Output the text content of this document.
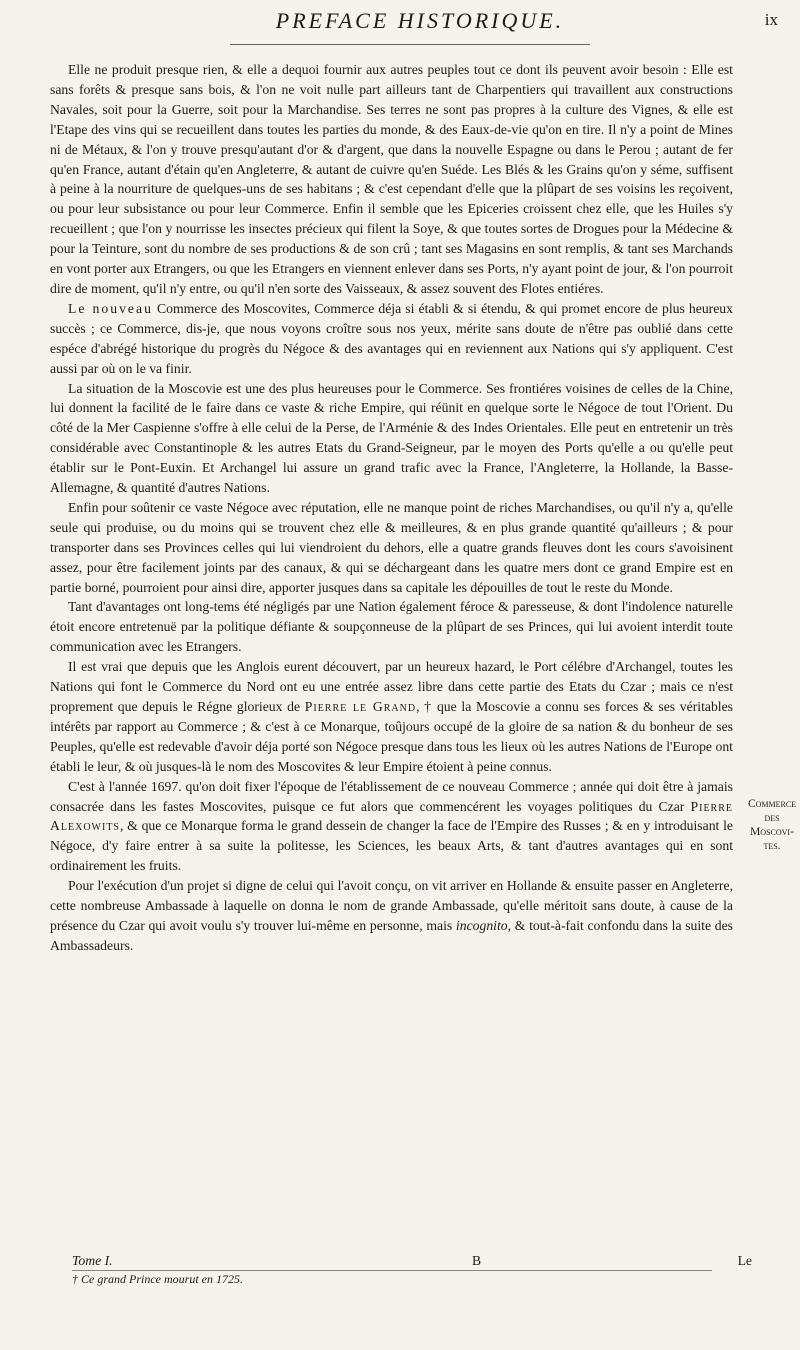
PREFACE HISTORIQUE.	ix

Elle ne produit presque rien, & elle a dequoi fournir aux autres peuples tout ce dont ils peuvent avoir besoin : Elle est sans forêts & presque sans bois, & l'on ne voit nulle part ailleurs tant de Charpentiers qui travaillent aux constructions Navales, soit pour la Guerre, soit pour la Marchandise. Ses terres ne sont pas propres à la culture des Vignes, & elle est l'Etape des vins qui se recueillent dans toutes les parties du monde, & des Eaux-de-vie qu'on en tire. Il n'y a point de Mines ni de Métaux, & l'on y trouve presqu'autant d'or & d'argent, que dans la nouvelle Espagne ou dans le Perou ; autant de fer qu'en France, autant d'étain qu'en Angleterre, & autant de cuivre qu'en Suéde. Les Blés & les Grains qu'on y séme, suffisent à peine à la nourriture de quelques-uns de ses habitans ; & c'est cependant d'elle que la plûpart de ses voisins les reçoivent, ou pour leur subsistance ou pour leur Commerce. Enfin il semble que les Epiceries croissent chez elle, que les Huiles s'y recueillent ; que l'on y nourrisse les insectes précieux qui filent la Soye, & que toutes sortes de Drogues pour la Médecine & pour la Teinture, sont du nombre de ses productions & de son crû ; tant ses Magasins en sont remplis, & tant ses Marchands en vont porter aux Etrangers, ou que les Etrangers en viennent enlever dans ses Ports, n'y ayant point de jour, & l'on pourroit dire de moment, qu'il n'y entre, ou qu'il n'en sorte des Vaisseaux, & assez souvent des Flotes entiéres.

Le nouveau Commerce des Moscovites, Commerce déja si établi & si étendu, & qui promet encore de plus heureux succès ; ce Commerce, dis-je, que nous voyons croître sous nos yeux, mérite sans doute de n'être pas oublié dans cette espéce d'abrégé historique du progrès du Négoce & des avantages qui en reviennent aux Nations qui s'y appliquent. C'est aussi par où on le va finir.

La situation de la Moscovie est une des plus heureuses pour le Commerce. Ses frontiéres voisines de celles de la Chine, lui donnent la facilité de le faire dans ce vaste & riche Empire, qui réünit en quelque sorte le Négoce de tout l'Orient. Du côté de la Mer Caspienne s'offre à elle celui de la Perse, de l'Arménie & des Indes Orientales. Elle peut en entretenir un très considérable avec Constantinople & les autres Etats du Grand-Seigneur, par le moyen des Ports qu'elle a ou qu'elle peut établir sur le Pont-Euxin. Et Archangel lui assure un grand trafic avec la France, l'Angleterre, la Hollande, la Basse-Allemagne, & quantité d'autres Nations.

Enfin pour soûtenir ce vaste Négoce avec réputation, elle ne manque point de riches Marchandises, ou qu'il n'y a, qu'elle seule qui produise, ou du moins qui se trouvent chez elle & meilleures, & en plus grande quantité qu'ailleurs ; & pour transporter dans ses Provinces celles qui lui viendroient du dehors, elle a quatre grands fleuves dont les cours s'avoisinent assez, pour être facilement joints par des canaux, & qui se déchargeant dans les quatre mers dont ce grand Empire est en partie borné, pourroient pour ainsi dire, apporter jusques dans sa capitale les dépouilles de tout le reste du Monde.

Tant d'avantages ont long-tems été négligés par une Nation également féroce & paresseuse, & dont l'indolence naturelle étoit encore entretenuë par la politique défiante & soupçonneuse de la plûpart de ses Princes, qui lui avoient interdit toute communication avec les Etrangers.

Il est vrai que depuis que les Anglois eurent découvert, par un heureux hazard, le Port célébre d'Archangel, toutes les Nations qui font le Commerce du Nord ont eu une entrée assez libre dans cette partie des Etats du Czar ; mais ce n'est proprement que depuis le Régne glorieux de Pierre le Grand, † que la Moscovie a connu ses forces & ses véritables intérêts par rapport au Commerce ; & c'est à ce Monarque, toûjours occupé de la gloire de sa nation & du bonheur de ses Peuples, qu'elle est redevable d'avoir déja porté son Négoce presque dans tous les lieux où les autres Nations de l'Europe ont établi le leur, & où jusques-là le nom des Moscovites & leur Empire étoient à peine connus.

C'est à l'année 1697. qu'on doit fixer l'époque de l'établissement de ce nouveau Commerce ; année qui doit être à jamais consacrée dans les fastes Moscovites, puisque ce fut alors que commencérent les voyages politiques du Czar Pierre Alexowits, & que ce Monarque forma le grand dessein de changer la face de l'Empire des Russes ; & en y introduisant le Négoce, d'y faire entrer à sa suite la politesse, les Sciences, les beaux Arts, & tant d'autres avantages qui en sont ordinairement les fruits.

Pour l'exécution d'un projet si digne de celui qui l'avoit conçu, on vit arriver en Hollande & ensuite passer en Angleterre, cette nombreuse Ambassade à laquelle on donna le nom de grande Ambassade, qu'elle méritoit sans doute, à cause de la présence du Czar qui avoit voulu s'y trouver lui-même en personne, mais incognito, & tout-à-fait confondu dans la suite des Ambassadeurs.

Commerce
des
Moscovi-
tes.
Tome I.	B	Le
† Ce grand Prince mourut en 1725.
